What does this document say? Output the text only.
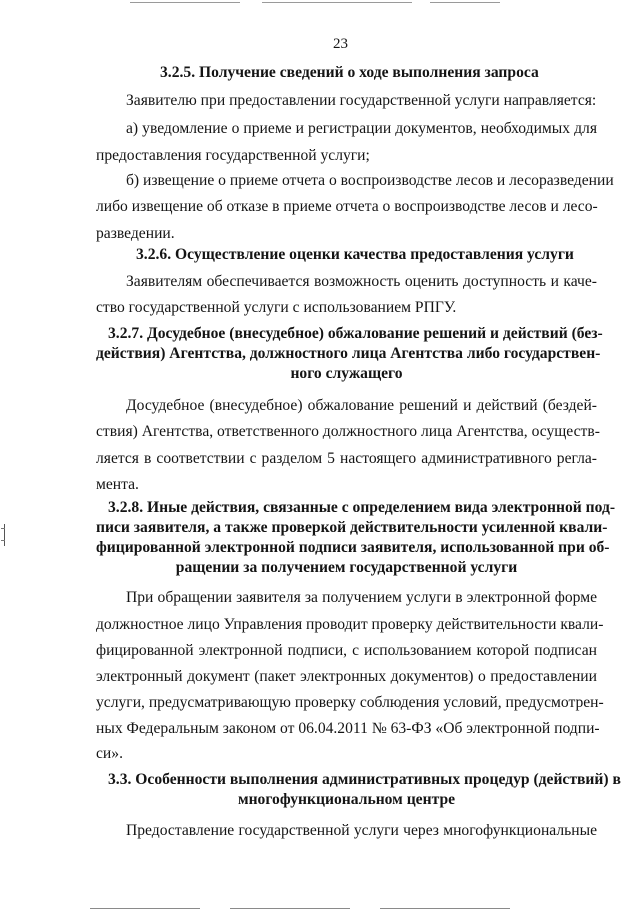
23
3.2.5. Получение сведений о ходе выполнения запроса
Заявителю при предоставлении государственной услуги направляется:
а) уведомление о приеме и регистрации документов, необходимых для
предоставления государственной услуги;
б) извещение о приеме отчета о воспроизводстве лесов и лесоразведении
либо извещение об отказе в приеме отчета о воспроизводстве лесов и лесо-
разведении.
3.2.6. Осуществление оценки качества предоставления услуги
Заявителям обеспечивается возможность оценить доступность и каче-
ство государственной услуги с использованием РПГУ.
3.2.7. Досудебное (внесудебное) обжалование решений и действий (без-
действия) Агентства, должностного лица Агентства либо государствен-
ного служащего
Досудебное (внесудебное) обжалование решений и действий (бездей-
ствия) Агентства, ответственного должностного лица Агентства, осуществ-
ляется в соответствии с разделом 5 настоящего административного регла-
мента.
3.2.8. Иные действия, связанные с определением вида электронной под-
писи заявителя, а также проверкой действительности усиленной квали-
фицированной электронной подписи заявителя, использованной при об-
ращении за получением государственной услуги
При обращении заявителя за получением услуги в электронной форме
должностное лицо Управления проводит проверку действительности квали-
фицированной электронной подписи, с использованием которой подписан
электронный документ (пакет электронных документов) о предоставлении
услуги, предусматривающую проверку соблюдения условий, предусмотрен-
ных Федеральным законом от 06.04.2011 № 63-ФЗ «Об электронной подпи-
си».
3.3. Особенности выполнения административных процедур (действий) в
многофункциональном центре
Предоставление государственной услуги через многофункциональные
